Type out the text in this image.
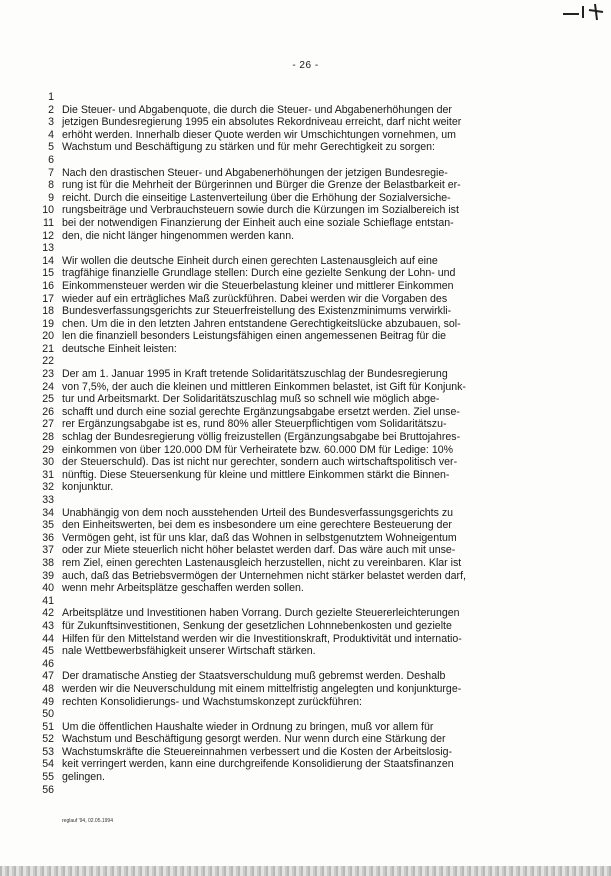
- 26 -
1
2 Die Steuer- und Abgabenquote, die durch die Steuer- und Abgabenerhöhungen der
3 jetzigen Bundesregierung 1995 ein absolutes Rekordniveau erreicht, darf nicht weiter
4 erhöht werden. Innerhalb dieser Quote werden wir Umschichtungen vornehmen, um
5 Wachstum und Beschäftigung zu stärken und für mehr Gerechtigkeit zu sorgen:
6
7 Nach den drastischen Steuer- und Abgabenerhöhungen der jetzigen Bundesregie-
8 rung ist für die Mehrheit der Bürgerinnen und Bürger die Grenze der Belastbarkeit er-
9 reicht. Durch die einseitige Lastenverteilung über die Erhöhung der Sozialversiche-
10 rungsbeiträge und Verbrauchsteuern sowie durch die Kürzungen im Sozialbereich ist
11 bei der notwendigen Finanzierung der Einheit auch eine soziale Schieflage entstan-
12 den, die nicht länger hingenommen werden kann.
13
14 Wir wollen die deutsche Einheit durch einen gerechten Lastenausgleich auf eine
15 tragfähige finanzielle Grundlage stellen: Durch eine gezielte Senkung der Lohn- und
16 Einkommensteuer werden wir die Steuerbelastung kleiner und mittlerer Einkommen
17 wieder auf ein erträgliches Maß zurückführen. Dabei werden wir die Vorgaben des
18 Bundesverfassungsgerichts zur Steuerfreistellung des Existenzminimums verwirkli-
19 chen. Um die in den letzten Jahren entstandene Gerechtigkeitslücke abzubauen, sol-
20 len die finanziell besonders Leistungsfähigen einen angemessenen Beitrag für die
21 deutsche Einheit leisten:
22
23 Der am 1. Januar 1995 in Kraft tretende Solidaritätszuschlag der Bundesregierung
24 von 7,5%, der auch die kleinen und mittleren Einkommen belastet, ist Gift für Konjunk-
25 tur und Arbeitsmarkt. Der Solidaritätszuschlag muß so schnell wie möglich abge-
26 schafft und durch eine sozial gerechte Ergänzungsabgabe ersetzt werden. Ziel unse-
27 rer Ergänzungsabgabe ist es, rund 80% aller Steuerpflichtigen vom Solidaritätszu-
28 schlag der Bundesregierung völlig freizustellen (Ergänzungsabgabe bei Bruttojahres-
29 einkommen von über 120.000 DM für Verheiratete bzw. 60.000 DM für Ledige: 10%
30 der Steuerschuld). Das ist nicht nur gerechter, sondern auch wirtschaftspolitisch ver-
31 nünftig. Diese Steuersenkung für kleine und mittlere Einkommen stärkt die Binnen-
32 konjunktur.
33
34 Unabhängig von dem noch ausstehenden Urteil des Bundesverfassungsgerichts zu
35 den Einheitswerten, bei dem es insbesondere um eine gerechtere Besteuerung der
36 Vermögen geht, ist für uns klar, daß das Wohnen in selbstgenutztem Wohneigentum
37 oder zur Miete steuerlich nicht höher belastet werden darf. Das wäre auch mit unse-
38 rem Ziel, einen gerechten Lastenausgleich herzustellen, nicht zu vereinbaren. Klar ist
39 auch, daß das Betriebsvermögen der Unternehmen nicht stärker belastet werden darf,
40 wenn mehr Arbeitsplätze geschaffen werden sollen.
41
42 Arbeitsplätze und Investitionen haben Vorrang. Durch gezielte Steuererleichterungen
43 für Zukunftsinvestitionen, Senkung der gesetzlichen Lohnnebenkosten und gezielte
44 Hilfen für den Mittelstand werden wir die Investitionskraft, Produktivität und internatio-
45 nale Wettbewerbsfähigkeit unserer Wirtschaft stärken.
46
47 Der dramatische Anstieg der Staatsverschuldung muß gebremst werden. Deshalb
48 werden wir die Neuverschuldung mit einem mittelfristig angelegten und konjunkturge-
49 rechten Konsolidierungs- und Wachstumskonzept zurückführen:
50
51 Um die öffentlichen Haushalte wieder in Ordnung zu bringen, muß vor allem für
52 Wachstum und Beschäftigung gesorgt werden. Nur wenn durch eine Stärkung der
53 Wachstumskräfte die Steuereinnahmen verbessert und die Kosten der Arbeitslosig-
54 keit verringert werden, kann eine durchgreifende Konsolidierung der Staatsfinanzen
55 gelingen.
56
reglauf '94, 02.05.1994
